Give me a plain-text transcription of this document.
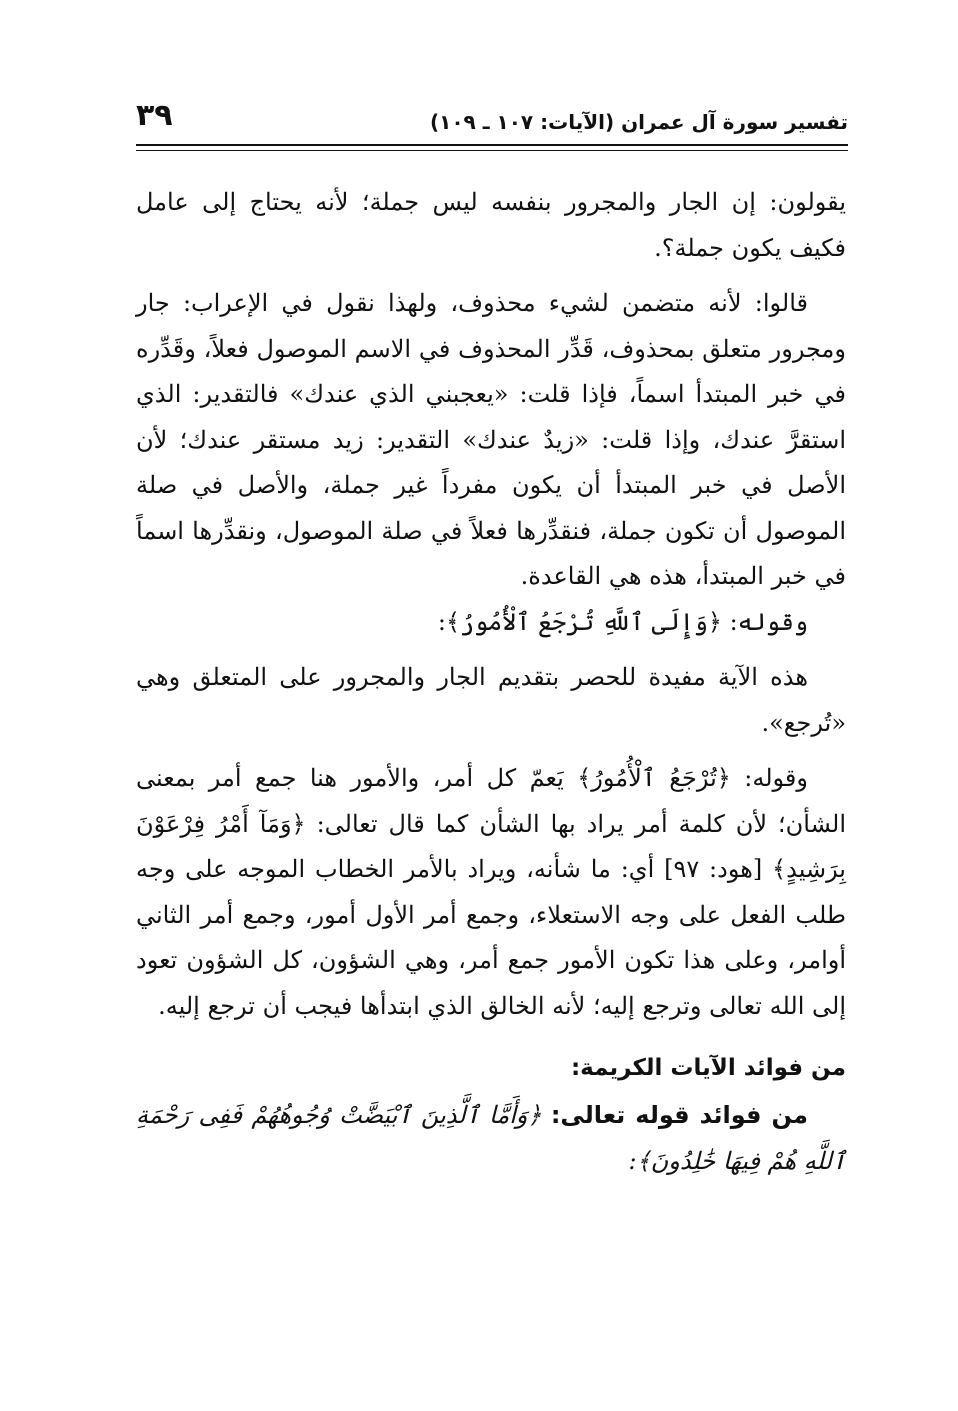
تفسير سورة آل عمران (الآيات: ١٠٧ ـ ١٠٩)
٣٩

يقولون: إن الجار والمجرور بنفسه ليس جملة؛ لأنه يحتاج إلى عامل فكيف يكون جملة؟.

قالوا: لأنه متضمن لشيء محذوف، ولهذا نقول في الإعراب: جار ومجرور متعلق بمحذوف، قَدِّر المحذوف في الاسم الموصول فعلاً، وقَدِّره في خبر المبتدأ اسماً، فإذا قلت: «يعجبني الذي عندك» فالتقدير: الذي استقرَّ عندك، وإذا قلت: «زيدٌ عندك» التقدير: زيد مستقر عندك؛ لأن الأصل في خبر المبتدأ أن يكون مفرداً غير جملة، والأصل في صلة الموصول أن تكون جملة، فنقدِّرها فعلاً في صلة الموصول، ونقدِّرها اسماً في خبر المبتدأ، هذه هي القاعدة.

وقوله: ﴿وَإِلَى ٱللَّهِ تُرْجَعُ ٱلْأُمُورُ﴾:

هذه الآية مفيدة للحصر بتقديم الجار والمجرور على المتعلق وهي «تُرجع».

وقوله: ﴿تُرْجَعُ ٱلْأُمُورُ﴾ يَعمّ كل أمر، والأمور هنا جمع أمر بمعنى الشأن؛ لأن كلمة أمر يراد بها الشأن كما قال تعالى: ﴿وَمَآ أَمْرُ فِرْعَوْنَ بِرَشِيدٍ﴾ [هود: ٩٧] أي: ما شأنه، ويراد بالأمر الخطاب الموجه على وجه طلب الفعل على وجه الاستعلاء، وجمع أمر الأول أمور، وجمع أمر الثاني أوامر، وعلى هذا تكون الأمور جمع أمر، وهي الشؤون، كل الشؤون تعود إلى الله تعالى وترجع إليه؛ لأنه الخالق الذي ابتدأها فيجب أن ترجع إليه.

من فوائد الآيات الكريمة:

من فوائد قوله تعالى: ﴿وَأَمَّا ٱلَّذِينَ ٱبْيَضَّتْ وُجُوهُهُمْ فَفِى رَحْمَةِ ٱللَّهِ هُمْ فِيهَا خَٰلِدُونَ﴾:
